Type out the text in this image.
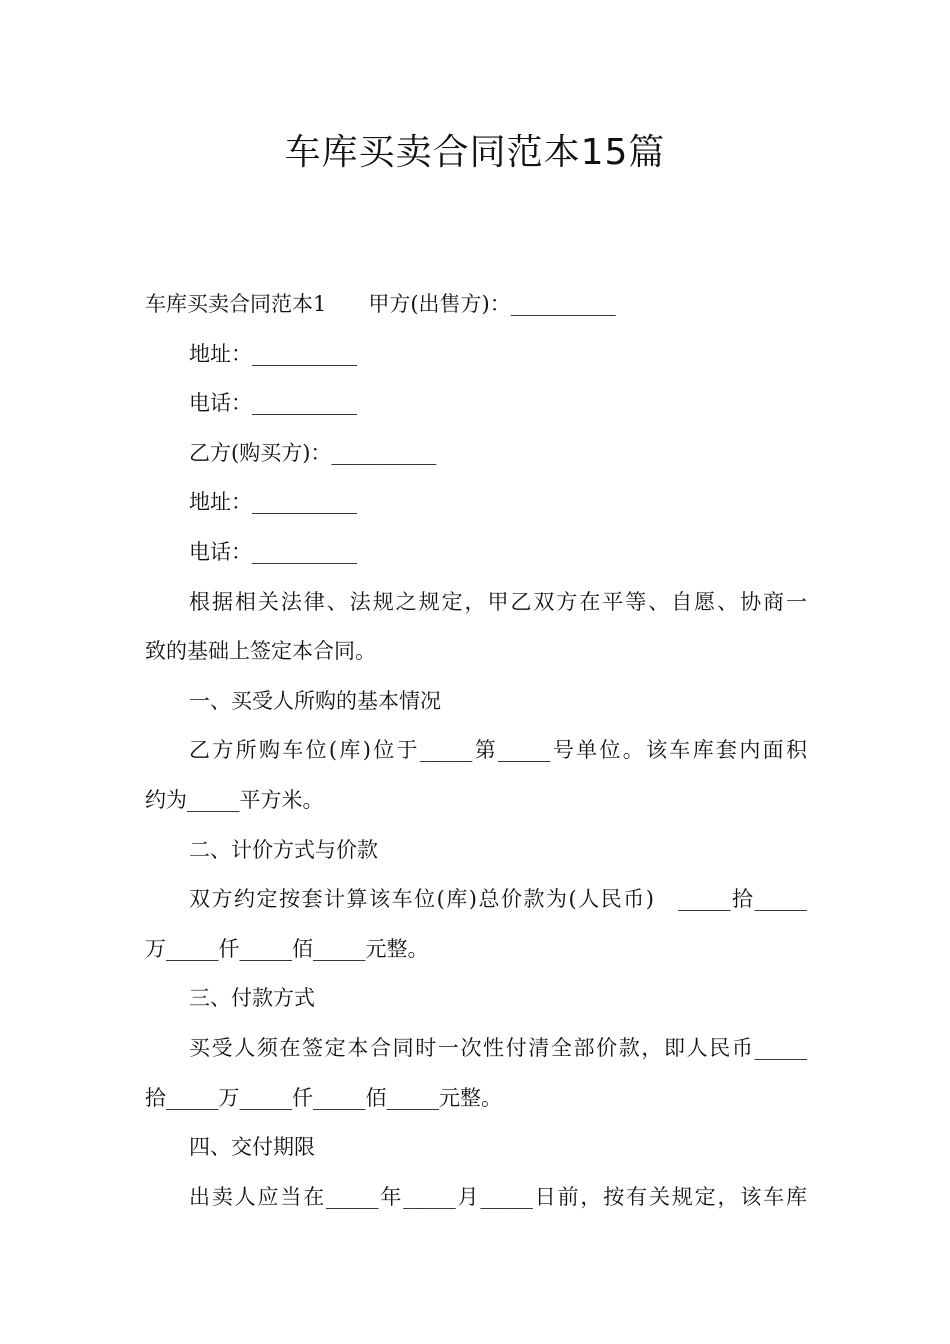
车库买卖合同范本15篇
车库买卖合同范本1　　甲方(出售方)：__________
地址：__________
电话：__________
乙方(购买方)：__________
地址：__________
电话：__________
根据相关法律、法规之规定，甲乙双方在平等、自愿、协商一
致的基础上签定本合同。
一、买受人所购的基本情况
乙方所购车位(库)位于_____第_____号单位。该车库套内面积
约为_____平方米。
二、计价方式与价款
双方约定按套计算该车位(库)总价款为(人民币)　_____拾_____
万_____仟_____佰_____元整。
三、付款方式
买受人须在签定本合同时一次性付清全部价款，即人民币_____
拾_____万_____仟_____佰_____元整。
四、交付期限
出卖人应当在_____年_____月_____日前，按有关规定，该车库
